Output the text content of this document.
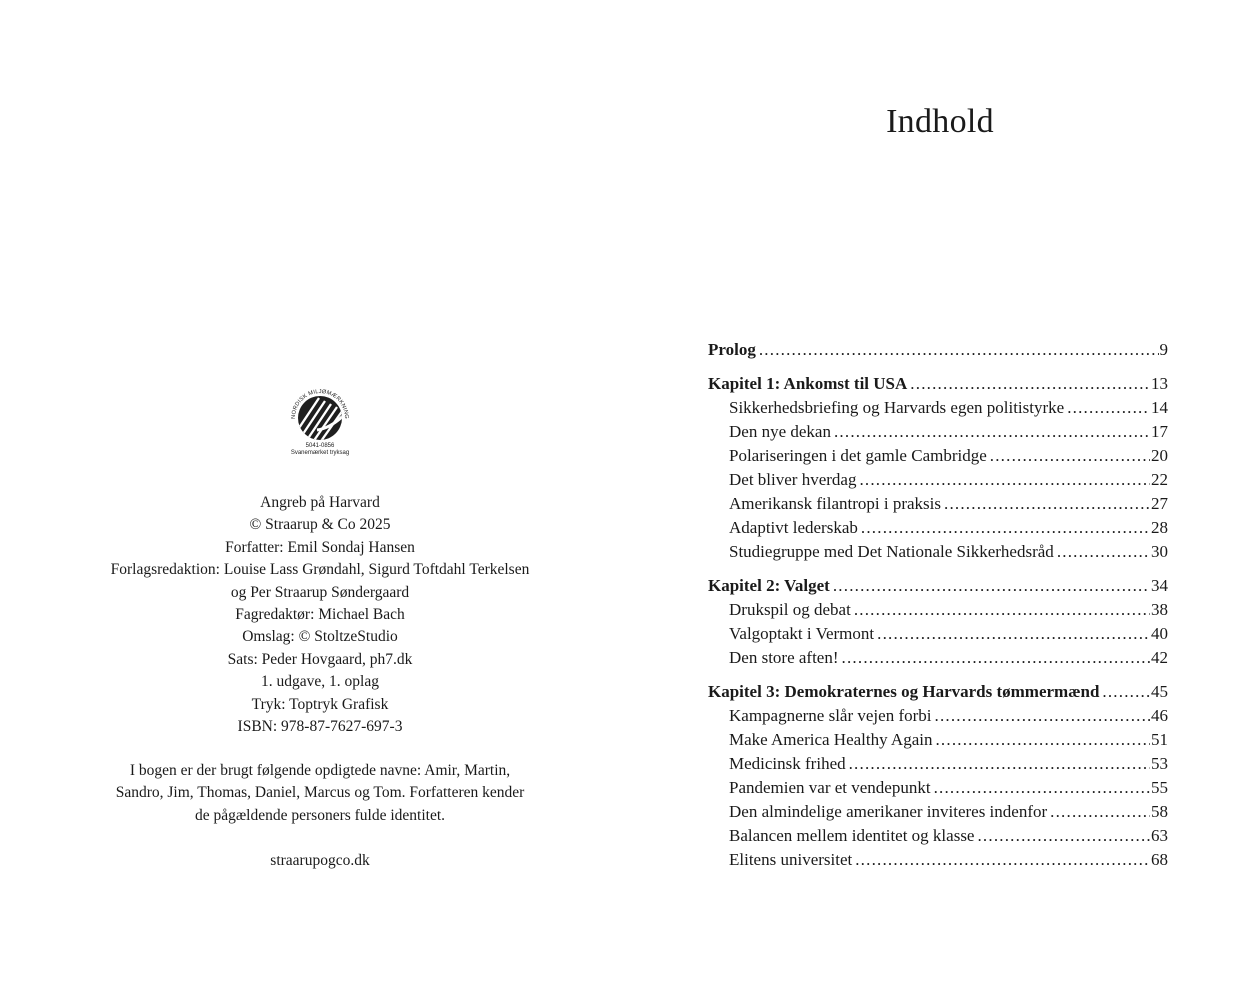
NORDISK MILJØMÆRKNING
5041-0856
Svanemærket tryksag
Angreb på Harvard
© Straarup & Co 2025
Forfatter: Emil Sondaj Hansen
Forlagsredaktion: Louise Lass Grøndahl, Sigurd Toftdahl Terkelsen
og Per Straarup Søndergaard
Fagredaktør: Michael Bach
Omslag: © StoltzeStudio
Sats: Peder Hovgaard, ph7.dk
1. udgave, 1. oplag
Tryk: Toptryk Grafisk
ISBN: 978-87-7627-697-3
I bogen er der brugt følgende opdigtede navne: Amir, Martin,
Sandro, Jim, Thomas, Daniel, Marcus og Tom. Forfatteren kender
de pågældende personers fulde identitet.
straarupogco.dk
Indhold
Prolog .....	9
Kapitel 1: Ankomst til USA .....	13
Sikkerhedsbriefing og Harvards egen politistyrke .....	14
Den nye dekan .....	17
Polariseringen i det gamle Cambridge .....	20
Det bliver hverdag .....	22
Amerikansk filantropi i praksis .....	27
Adaptivt lederskab .....	28
Studiegruppe med Det Nationale Sikkerhedsråd .....	30
Kapitel 2: Valget .....	34
Drukspil og debat .....	38
Valgoptakt i Vermont .....	40
Den store aften! .....	42
Kapitel 3: Demokraternes og Harvards tømmermænd .....	45
Kampagnerne slår vejen forbi .....	46
Make America Healthy Again .....	51
Medicinsk frihed .....	53
Pandemien var et vendepunkt .....	55
Den almindelige amerikaner inviteres indenfor .....	58
Balancen mellem identitet og klasse .....	63
Elitens universitet .....	68
